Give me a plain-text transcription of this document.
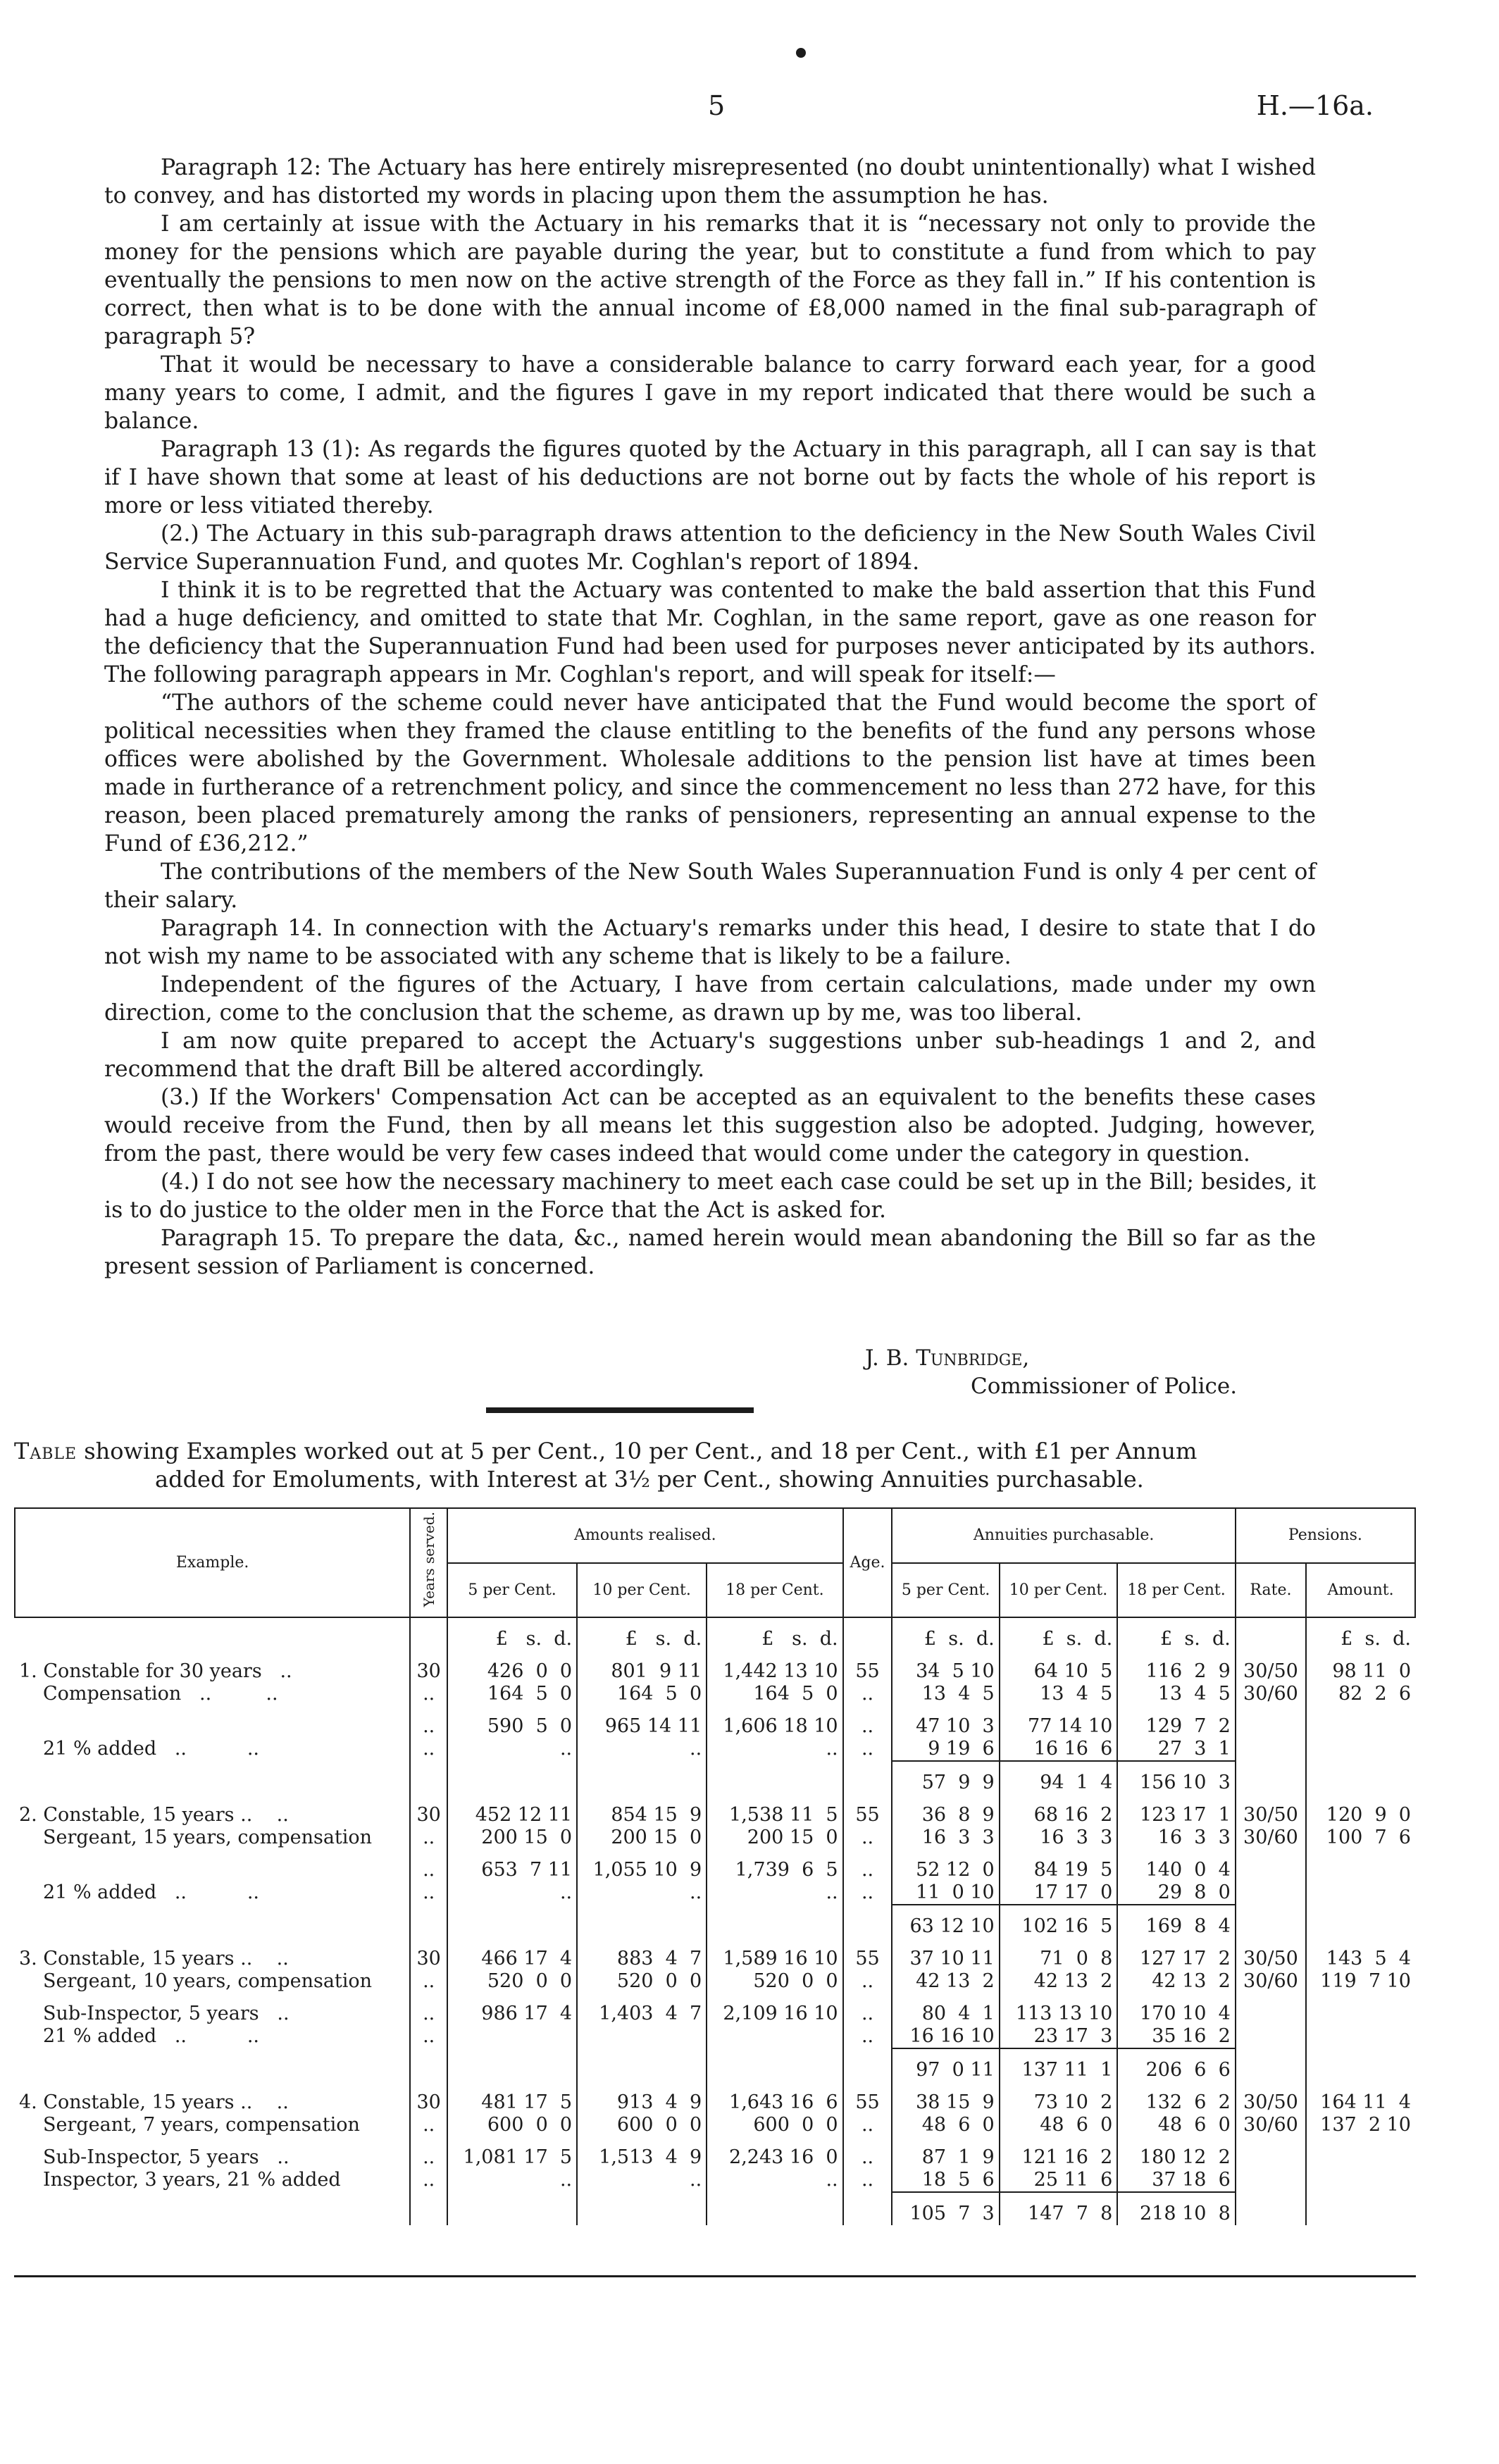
5	H.—16a.

Paragraph 12: The Actuary has here entirely misrepresented (no doubt unintentionally) what I wished to convey, and has distorted my words in placing upon them the assumption he has.

I am certainly at issue with the Actuary in his remarks that it is “necessary not only to provide the money for the pensions which are payable during the year, but to constitute a fund from which to pay eventually the pensions to men now on the active strength of the Force as they fall in.” If his contention is correct, then what is to be done with the annual income of £8,000 named in the final sub-paragraph of paragraph 5?

That it would be necessary to have a considerable balance to carry forward each year, for a good many years to come, I admit, and the figures I gave in my report indicated that there would be such a balance.

Paragraph 13 (1): As regards the figures quoted by the Actuary in this paragraph, all I can say is that if I have shown that some at least of his deductions are not borne out by facts the whole of his report is more or less vitiated thereby.

(2.) The Actuary in this sub-paragraph draws attention to the deficiency in the New South Wales Civil Service Superannuation Fund, and quotes Mr. Coghlan's report of 1894.

I think it is to be regretted that the Actuary was contented to make the bald assertion that this Fund had a huge deficiency, and omitted to state that Mr. Coghlan, in the same report, gave as one reason for the deficiency that the Superannuation Fund had been used for purposes never anticipated by its authors. The following paragraph appears in Mr. Coghlan's report, and will speak for itself:—

“The authors of the scheme could never have anticipated that the Fund would become the sport of political necessities when they framed the clause entitling to the benefits of the fund any persons whose offices were abolished by the Government. Wholesale additions to the pension list have at times been made in furtherance of a retrenchment policy, and since the commencement no less than 272 have, for this reason, been placed prematurely among the ranks of pensioners, representing an annual expense to the Fund of £36,212.”

The contributions of the members of the New South Wales Superannuation Fund is only 4 per cent of their salary.

Paragraph 14. In connection with the Actuary's remarks under this head, I desire to state that I do not wish my name to be associated with any scheme that is likely to be a failure.

Independent of the figures of the Actuary, I have from certain calculations, made under my own direction, come to the conclusion that the scheme, as drawn up by me, was too liberal.

I am now quite prepared to accept the Actuary's suggestions unber sub-headings 1 and 2, and recommend that the draft Bill be altered accordingly.

(3.) If the Workers' Compensation Act can be accepted as an equivalent to the benefits these cases would receive from the Fund, then by all means let this suggestion also be adopted. Judging, however, from the past, there would be very few cases indeed that would come under the category in question.

(4.) I do not see how the necessary machinery to meet each case could be set up in the Bill; besides, it is to do justice to the older men in the Force that the Act is asked for.

Paragraph 15. To prepare the data, &c., named herein would mean abandoning the Bill so far as the present session of Parliament is concerned.

J. B. Tunbridge,
Commissioner of Police.
Table showing Examples worked out at 5 per Cent., 10 per Cent., and 18 per Cent., with £1 per Annum
added for Emoluments, with Interest at 3½ per Cent., showing Annuities purchasable.
Example.	Years served.	Amounts realised.			Age.	Annuities purchasable.			Pensions.	
		5 per Cent.	10 per Cent.	18 per Cent.		5 per Cent.	10 per Cent.	18 per Cent.	Rate.	Amount.
		£   s.  d.	£   s.  d.	£   s.  d.		£  s.  d.	£  s.  d.	£  s.  d.		£  s.  d.
1. Constable for 30 years   ..	30	426  0  0	801  9 11	1,442 13 10	55	34  5 10	64 10  5	116  2  9	30/50	98 11  0
Compensation   ..         ..	..	164  5  0	164  5  0	164  5  0	..	13  4  5	13  4  5	13  4  5	30/60	82  2  6
	..	590  5  0	965 14 11	1,606 18 10	..	47 10  3	77 14 10	129  7  2		
21 % added   ..          ..	..	..	..	..	..	9 19  6	16 16  6	27  3  1		
						57  9  9	94  1  4	156 10  3		
2. Constable, 15 years ..    ..	30	452 12 11	854 15  9	1,538 11  5	55	36  8  9	68 16  2	123 17  1	30/50	120  9  0
Sergeant, 15 years, compensation	..	200 15  0	200 15  0	200 15  0	..	16  3  3	16  3  3	16  3  3	30/60	100  7  6
	..	653  7 11	1,055 10  9	1,739  6  5	..	52 12  0	84 19  5	140  0  4		
21 % added   ..          ..	..	..	..	..	..	11  0 10	17 17  0	29  8  0		
						63 12 10	102 16  5	169  8  4		
3. Constable, 15 years ..    ..	30	466 17  4	883  4  7	1,589 16 10	55	37 10 11	71  0  8	127 17  2	30/50	143  5  4
Sergeant, 10 years, compensation	..	520  0  0	520  0  0	520  0  0	..	42 13  2	42 13  2	42 13  2	30/60	119  7 10
Sub-Inspector, 5 years   ..	..	986 17  4	1,403  4  7	2,109 16 10	..	80  4  1	113 13 10	170 10  4		
21 % added   ..          ..	..				..	16 16 10	23 17  3	35 16  2		
						97  0 11	137 11  1	206  6  6		
4. Constable, 15 years ..    ..	30	481 17  5	913  4  9	1,643 16  6	55	38 15  9	73 10  2	132  6  2	30/50	164 11  4
Sergeant, 7 years, compensation	..	600  0  0	600  0  0	600  0  0	..	48  6  0	48  6  0	48  6  0	30/60	137  2 10
Sub-Inspector, 5 years   ..	..	1,081 17  5	1,513  4  9	2,243 16  0	..	87  1  9	121 16  2	180 12  2		
Inspector, 3 years, 21 % added	..	..	..	..	..	18  5  6	25 11  6	37 18  6		
						105  7  3	147  7  8	218 10  8		
